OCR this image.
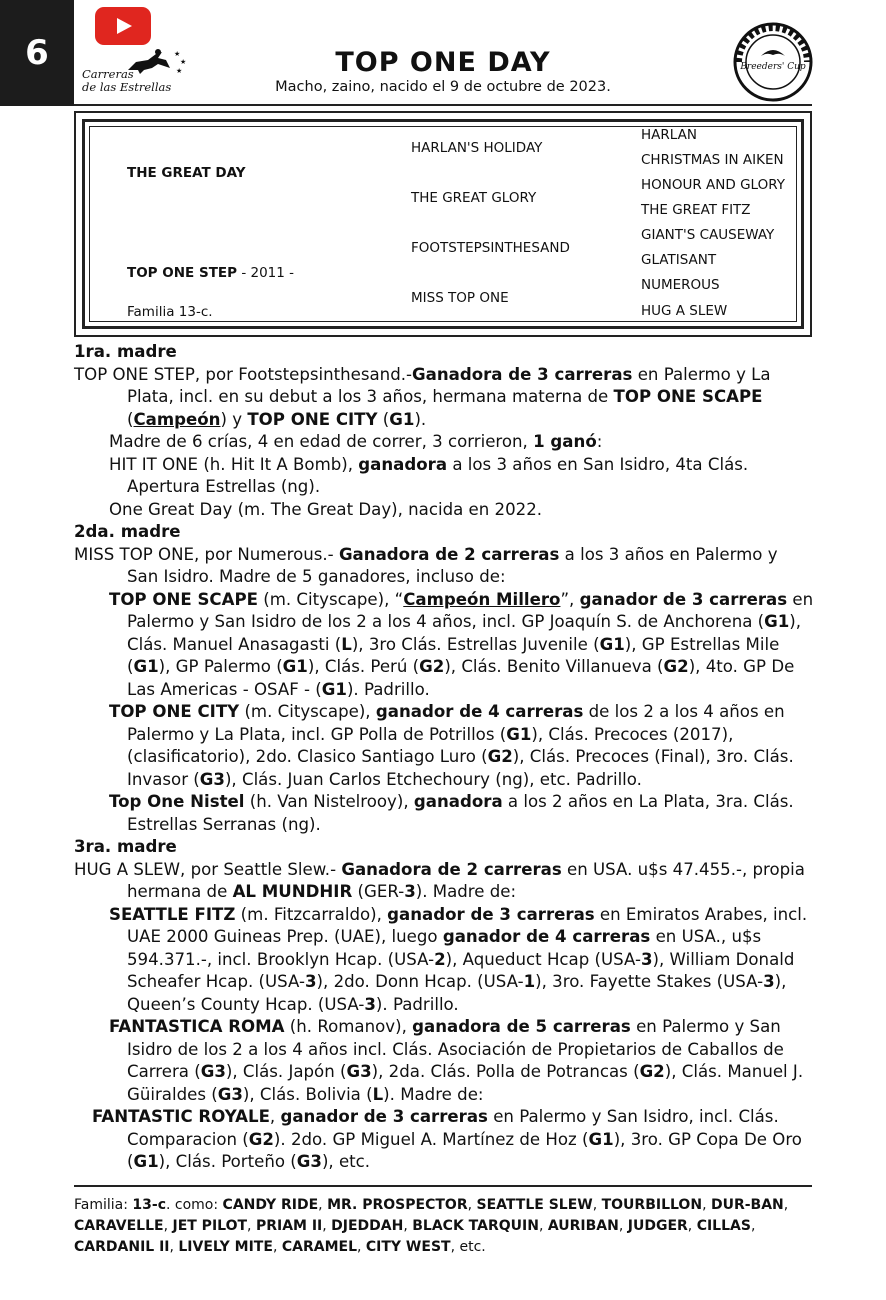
6	★
★
★
Carreras
de las Estrellas
TOP ONE DAY
Macho, zaino, nacido el 9 de octubre de 2023.
Breeders' Cup
THE GREAT DAY
TOP ONE STEP - 2011 -
Familia 13-c.
HARLAN'S HOLIDAY
THE GREAT GLORY
FOOTSTEPSINTHESAND
MISS TOP ONE
HARLAN
CHRISTMAS IN AIKEN
HONOUR AND GLORY
THE GREAT FITZ
GIANT'S CAUSEWAY
GLATISANT
NUMEROUS
HUG A SLEW

1ra. madre

TOP ONE STEP, por Footstepsinthesand.-Ganadora de 3 carreras en Palermo y La Plata, incl. en su debut a los 3 años, hermana materna de TOP ONE SCAPE (Campeón) y TOP ONE CITY (G1).

Madre de 6 crías, 4 en edad de correr, 3 corrieron, 1 ganó:

HIT IT ONE (h. Hit It A Bomb), ganadora a los 3 años en San Isidro, 4ta Clás. Apertura Estrellas (ng).

One Great Day (m. The Great Day), nacida en 2022.

2da. madre

MISS TOP ONE, por Numerous.- Ganadora de 2 carreras a los 3 años en Palermo y San Isidro. Madre de 5 ganadores, incluso de:

TOP ONE SCAPE (m. Cityscape), “Campeón Millero”, ganador de 3 carreras en Palermo y San Isidro de los 2 a los 4 años, incl. GP Joaquín S. de Anchorena (G1), Clás. Manuel Anasagasti (L), 3ro Clás. Estrellas Juvenile (G1), GP Estrellas Mile (G1), GP Palermo (G1), Clás. Perú (G2), Clás. Benito Villanueva (G2), 4to. GP De Las Americas - OSAF - (G1). Padrillo.

TOP ONE CITY (m. Cityscape), ganador de 4 carreras de los 2 a los 4 años en Palermo y La Plata, incl. GP Polla de Potrillos (G1), Clás. Precoces (2017), (clasificatorio), 2do. Clasico Santiago Luro (G2), Clás. Precoces (Final), 3ro. Clás. Invasor (G3), Clás. Juan Carlos Etchechoury (ng), etc. Padrillo.

Top One Nistel (h. Van Nistelrooy), ganadora a los 2 años en La Plata, 3ra. Clás. Estrellas Serranas (ng).

3ra. madre

HUG A SLEW, por Seattle Slew.- Ganadora de 2 carreras en USA. u$s 47.455.-, propia hermana de AL MUNDHIR (GER-3). Madre de:

SEATTLE FITZ (m. Fitzcarraldo), ganador de 3 carreras en Emiratos Arabes, incl. UAE 2000 Guineas Prep. (UAE), luego ganador de 4 carreras en USA., u$s 594.371.-, incl. Brooklyn Hcap. (USA-2), Aqueduct Hcap (USA-3), William Donald Scheafer Hcap. (USA-3), 2do. Donn Hcap. (USA-1), 3ro. Fayette Stakes (USA-3), Queen’s County Hcap. (USA-3). Padrillo.

FANTASTICA ROMA (h. Romanov), ganadora de 5 carreras en Palermo y San Isidro de los 2 a los 4 años incl. Clás. Asociación de Propietarios de Caballos de Carrera (G3), Clás. Japón (G3), 2da. Clás. Polla de Potrancas (G2), Clás. Manuel J. Güiraldes (G3), Clás. Bolivia (L). Madre de:

FANTASTIC ROYALE, ganador de 3 carreras en Palermo y San Isidro, incl. Clás. Comparacion (G2). 2do. GP Miguel A. Martínez de Hoz (G1), 3ro. GP Copa De Oro (G1), Clás. Porteño (G3), etc.

Familia: 13-c. como: CANDY RIDE, MR. PROSPECTOR, SEATTLE SLEW, TOURBILLON, DUR-BAN, CARAVELLE, JET PILOT, PRIAM II, DJEDDAH, BLACK TARQUIN, AURIBAN, JUDGER, CILLAS, CARDANIL II, LIVELY MITE, CARAMEL, CITY WEST, etc.
